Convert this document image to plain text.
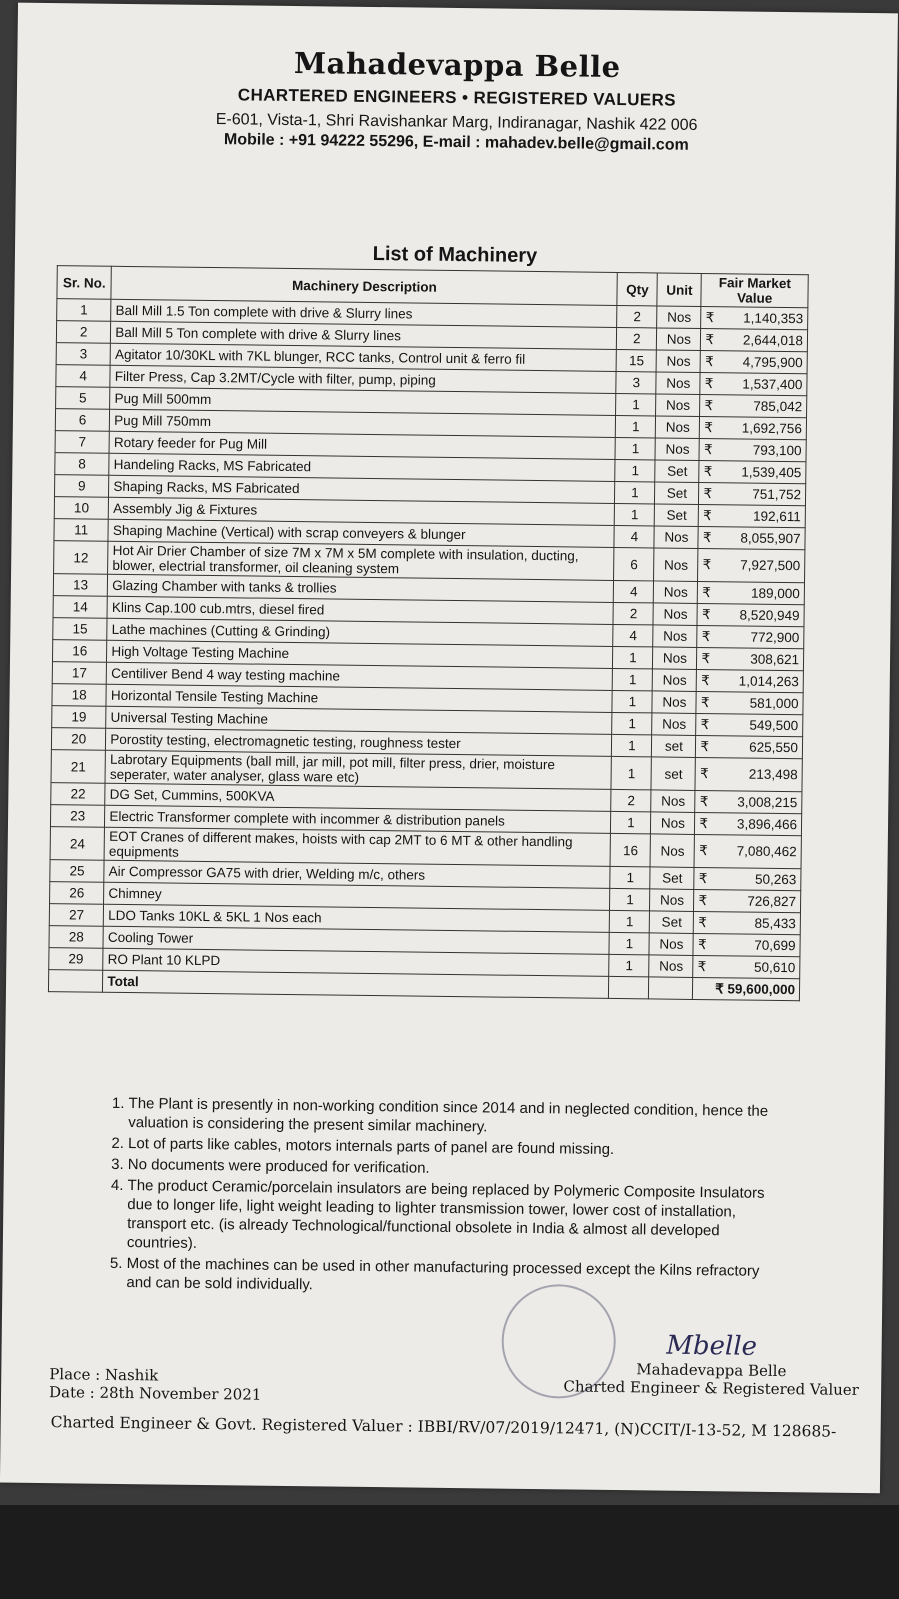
Mahadevappa Belle
CHARTERED ENGINEERS • REGISTERED VALUERS
E-601, Vista-1, Shri Ravishankar Marg, Indiranagar, Nashik 422 006
Mobile : +91 94222 55296, E-mail : mahadev.belle@gmail.com
List of Machinery
Sr. No.	Machinery Description	Qty	Unit	Fair Market Value
1	Ball Mill 1.5 Ton complete with drive & Slurry lines	2	Nos	₹ 1,140,353
2	Ball Mill 5 Ton complete with drive & Slurry lines	2	Nos	₹ 2,644,018
3	Agitator 10/30KL with 7KL blunger, RCC tanks, Control unit & ferro fil	15	Nos	₹ 4,795,900
4	Filter Press, Cap 3.2MT/Cycle with filter, pump, piping	3	Nos	₹ 1,537,400
5	Pug Mill 500mm	1	Nos	₹ 785,042
6	Pug Mill 750mm	1	Nos	₹ 1,692,756
7	Rotary feeder for Pug Mill	1	Nos	₹ 793,100
8	Handeling Racks, MS Fabricated	1	Set	₹ 1,539,405
9	Shaping Racks, MS Fabricated	1	Set	₹ 751,752
10	Assembly Jig & Fixtures	1	Set	₹ 192,611
11	Shaping Machine (Vertical) with scrap conveyers & blunger	4	Nos	₹ 8,055,907
12	Hot Air Drier Chamber of size 7M x 7M x 5M complete with insulation, ducting, blower, electrial transformer, oil cleaning system	6	Nos	₹ 7,927,500
13	Glazing Chamber with tanks & trollies	4	Nos	₹ 189,000
14	Klins Cap.100 cub.mtrs, diesel fired	2	Nos	₹ 8,520,949
15	Lathe machines (Cutting & Grinding)	4	Nos	₹ 772,900
16	High Voltage Testing Machine	1	Nos	₹ 308,621
17	Centiliver Bend 4 way testing machine	1	Nos	₹ 1,014,263
18	Horizontal Tensile Testing Machine	1	Nos	₹ 581,000
19	Universal Testing Machine	1	Nos	₹ 549,500
20	Porostity testing, electromagnetic testing, roughness tester	1	set	₹ 625,550
21	Labrotary Equipments (ball mill, jar mill, pot mill, filter press, drier, moisture seperater, water analyser, glass ware etc)	1	set	₹ 213,498
22	DG Set, Cummins, 500KVA	2	Nos	₹ 3,008,215
23	Electric Transformer complete with incommer & distribution panels	1	Nos	₹ 3,896,466
24	EOT Cranes of different makes, hoists with cap 2MT to 6 MT & other handling equipments	16	Nos	₹ 7,080,462
25	Air Compressor GA75 with drier, Welding m/c, others	1	Set	₹ 50,263
26	Chimney	1	Nos	₹ 726,827
27	LDO Tanks 10KL & 5KL 1 Nos each	1	Set	₹ 85,433
28	Cooling Tower	1	Nos	₹ 70,699
29	RO Plant 10 KLPD	1	Nos	₹ 50,610
	Total			₹ 59,600,000
1. The Plant is presently in non-working condition since 2014 and in neglected condition, hence the valuation is considering the present similar machinery.
2. Lot of parts like cables, motors internals parts of panel are found missing.
3. No documents were produced for verification.
4. The product Ceramic/porcelain insulators are being replaced by Polymeric Composite Insulators due to longer life, light weight leading to lighter transmission tower, lower cost of installation, transport etc. (is already Technological/functional obsolete in India & almost all developed countries).
5. Most of the machines can be used in other manufacturing processed except the Kilns refractory and can be sold individually.
Mbelle
Mahadevappa Belle
Charted Engineer & Registered Valuer
Place : Nashik
Date : 28th November 2021
Charted Engineer & Govt. Registered Valuer : IBBI/RV/07/2019/12471, (N)CCIT/I-13-52, M 128685-
